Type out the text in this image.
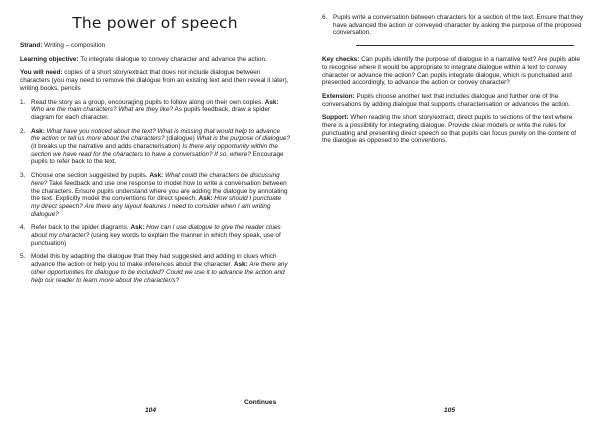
The power of speech

Strand: Writing – composition

Learning objective: To integrate dialogue to convey character and advance the action.

You will need: copies of a short story/extract that does not include dialogue between characters (you may need to remove the dialogue from an existing text and then reveal it later), writing books, pencils

1. Read the story as a group, encouraging pupils to follow along on their own copies. Ask: Who are the main characters? What are they like? As pupils feedback, draw a spider diagram for each character.
2. Ask: What have you noticed about the text? What is missing that would help to advance the action or tell us more about the characters? (dialogue) What is the purpose of dialogue? (it breaks up the narrative and adds characterisation) Is there any opportunity within the section we have read for the characters to have a conversation? If so, where? Encourage pupils to refer back to the text.
3. Choose one section suggested by pupils. Ask: What could the characters be discussing here? Take feedback and use one response to model how to write a conversation between the characters. Ensure pupils understand where you are adding the dialogue by annotating the text. Explicitly model the conventions for direct speech. Ask: How should I punctuate my direct speech? Are there any layout features I need to consider when I am writing dialogue?
4. Refer back to the spider diagrams. Ask: How can I use dialogue to give the reader clues about my character? (using key words to explain the manner in which they speak, use of punctuation)
5. Model this by adapting the dialogue that they had suggested and adding in clues which advance the action or help you to make inferences about the character. Ask: Are there any other opportunities for dialogue to be included? Could we use it to advance the action and help our reader to learn more about the character/s?
Continues
104
6. Pupils write a conversation between characters for a section of the text. Ensure that they have advanced the action or conveyed character by asking the purpose of the proposed conversation.

Key checks: Can pupils identify the purpose of dialogue in a narrative text? Are pupils able to recognise where it would be appropriate to integrate dialogue within a text to convey character or advance the action? Can pupils integrate dialogue, which is punctuated and presented accordingly, to advance the action or convey character?

Extension: Pupils choose another text that includes dialogue and further one of the conversations by adding dialogue that supports characterisation or advances the action.

Support: When reading the short story/extract, direct pupils to sections of the text where there is a possibility for integrating dialogue. Provide clear models or write the rules for punctuating and presenting direct speech so that pupils can focus purely on the content of the dialogue as opposed to the conventions.

105
